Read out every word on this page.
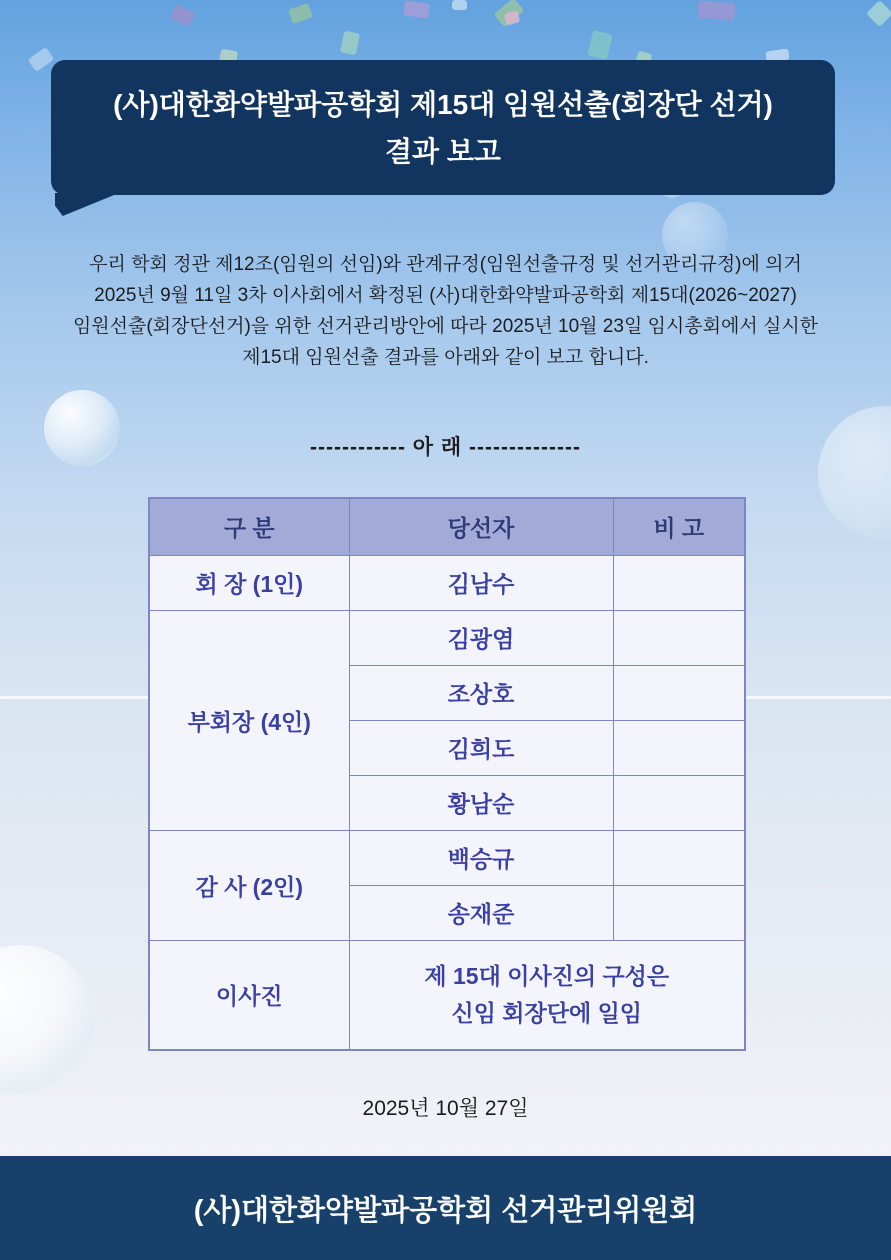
(사)대한화약발파공학회 제15대 임원선출(회장단 선거)
결과 보고
우리 학회 정관 제12조(임원의 선임)와 관계규정(임원선출규정 및 선거관리규정)에 의거
2025년 9월 11일 3차 이사회에서 확정된 (사)대한화약발파공학회 제15대(2026~2027)
임원선출(회장단선거)을 위한 선거관리방안에 따라 2025년 10월 23일 임시총회에서 실시한
제15대 임원선출 결과를 아래와 같이 보고 합니다.
------------ 아 래 --------------
구 분	당선자	비 고
회 장 (1인)	김남수	
부회장 (4인)	김광염	
	조상호	
	김희도	
	황남순	
감 사 (2인)	백승규	
	송재준	
이사진	제 15대 이사진의 구성은
신임 회장단에 일임	
2025년 10월 27일
(사)대한화약발파공학회 선거관리위원회
